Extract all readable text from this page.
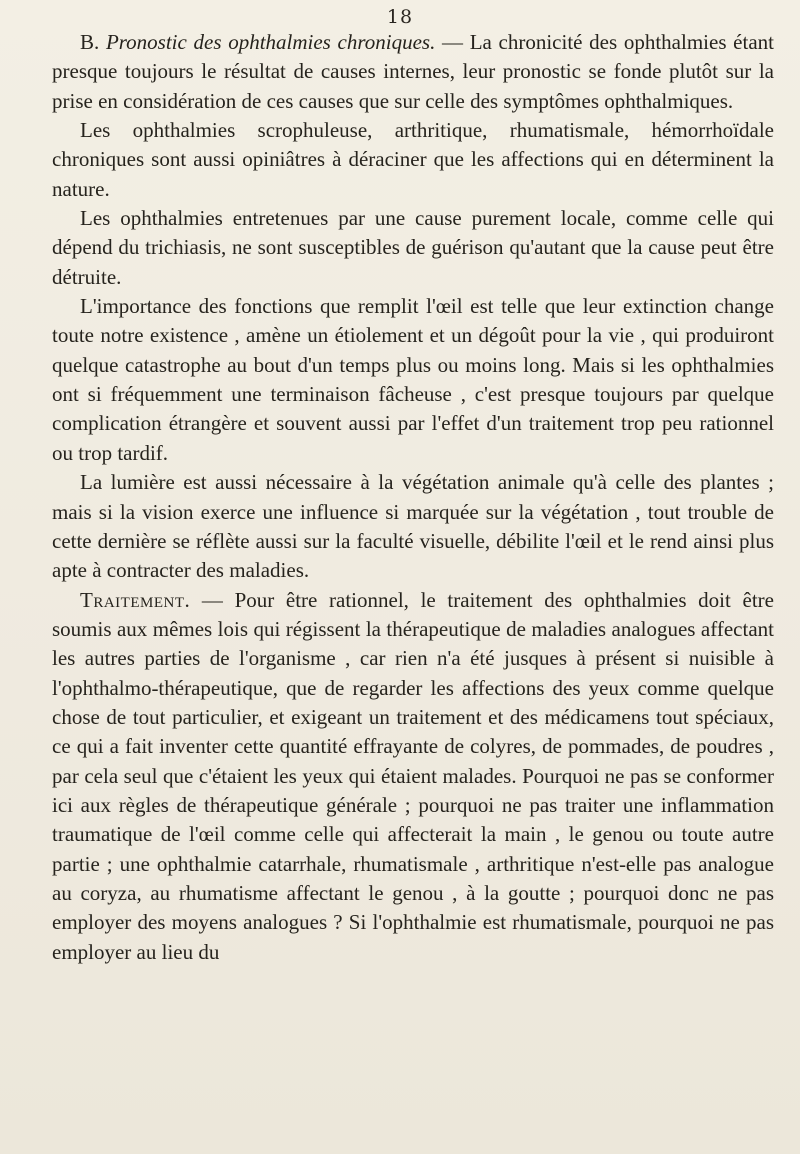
18

B. Pronostic des ophthalmies chroniques. — La chronicité des ophthalmies étant presque toujours le résultat de causes internes, leur pronostic se fonde plutôt sur la prise en considération de ces causes que sur celle des symptômes ophthalmiques.

Les ophthalmies scrophuleuse, arthritique, rhumatismale, hémorrhoïdale chroniques sont aussi opiniâtres à déraciner que les affections qui en déterminent la nature.

Les ophthalmies entretenues par une cause purement locale, comme celle qui dépend du trichiasis, ne sont susceptibles de guérison qu'autant que la cause peut être détruite.

L'importance des fonctions que remplit l'œil est telle que leur extinction change toute notre existence , amène un étiolement et un dégoût pour la vie , qui produiront quelque catastrophe au bout d'un temps plus ou moins long. Mais si les ophthalmies ont si fréquemment une terminaison fâcheuse , c'est presque toujours par quelque complication étrangère et souvent aussi par l'effet d'un traitement trop peu rationnel ou trop tardif.

La lumière est aussi nécessaire à la végétation animale qu'à celle des plantes ; mais si la vision exerce une influence si marquée sur la végétation , tout trouble de cette dernière se réflète aussi sur la faculté visuelle, débilite l'œil et le rend ainsi plus apte à contracter des maladies.

Traitement. — Pour être rationnel, le traitement des ophthalmies doit être soumis aux mêmes lois qui régissent la thérapeutique de maladies analogues affectant les autres parties de l'organisme , car rien n'a été jusques à présent si nuisible à l'ophthalmo-thérapeutique, que de regarder les affections des yeux comme quelque chose de tout particulier, et exigeant un traitement et des médicamens tout spéciaux, ce qui a fait inventer cette quantité effrayante de colyres, de pommades, de poudres , par cela seul que c'étaient les yeux qui étaient malades. Pourquoi ne pas se conformer ici aux règles de thérapeutique générale ; pourquoi ne pas traiter une inflammation traumatique de l'œil comme celle qui affecterait la main , le genou ou toute autre partie ; une ophthalmie catarrhale, rhumatismale , arthritique n'est-elle pas analogue au coryza, au rhumatisme affectant le genou , à la goutte ; pourquoi donc ne pas employer des moyens analogues ? Si l'ophthalmie est rhumatismale, pourquoi ne pas employer au lieu du
